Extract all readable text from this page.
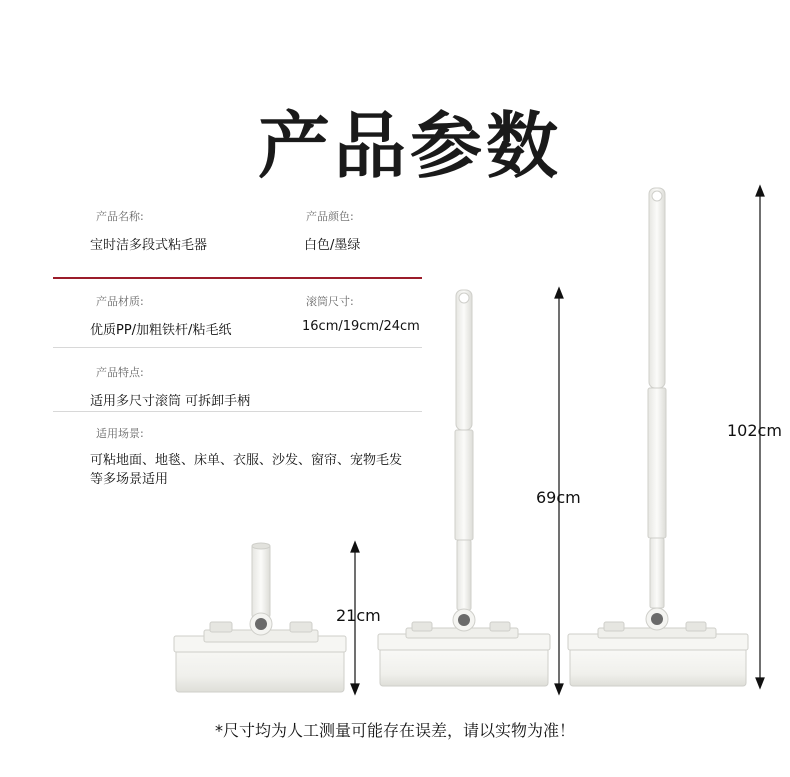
产品参数
产品名称:
宝时洁多段式粘毛器
产品颜色:
白色/墨绿
产品材质:
优质PP/加粗铁杆/粘毛纸
滚筒尺寸:
16cm/19cm/24cm
产品特点:
适用多尺寸滚筒 可拆卸手柄
适用场景:
可粘地面、地毯、床单、衣服、沙发、窗帘、宠物毛发
等多场景适用
21cm
69cm
102cm
*尺寸均为人工测量可能存在误差，请以实物为准！
